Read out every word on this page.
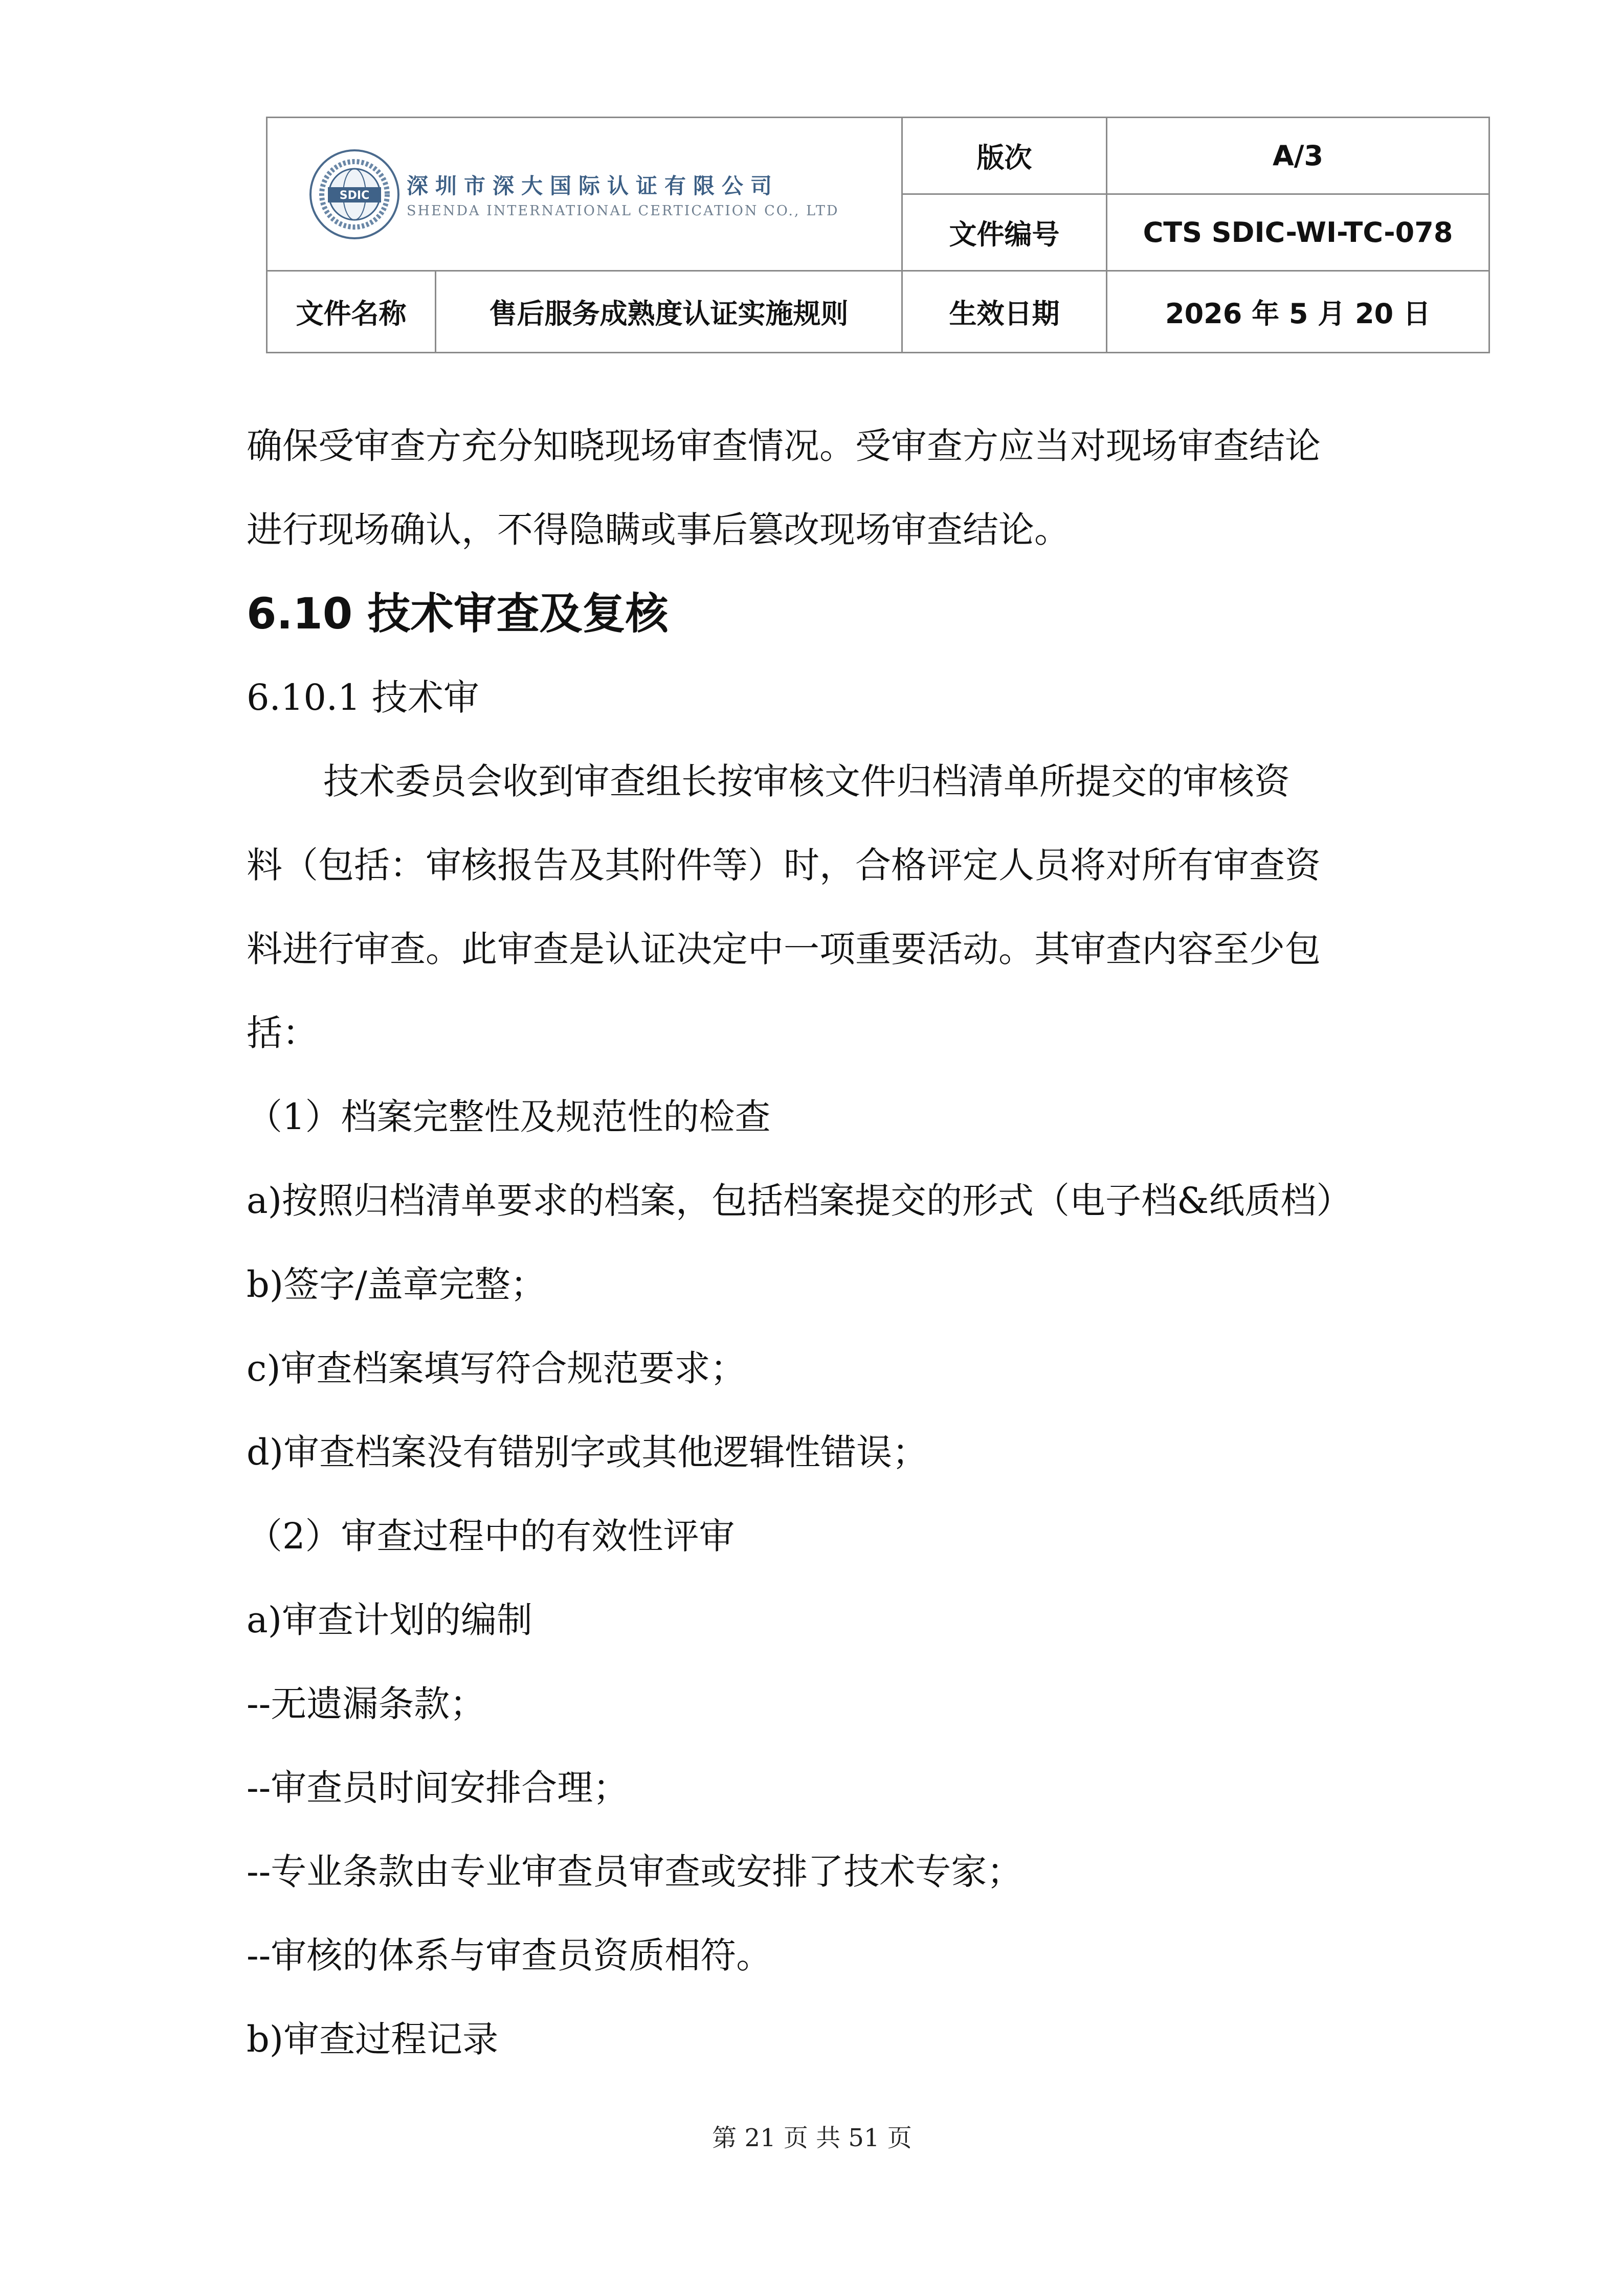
SDIC 深圳市深大国际认证有限公司
SHENDA INTERNATIONAL CERTICATION CO., LTD		版次	A/3
		文件编号	CTS SDIC-WI-TC-078
文件名称	售后服务成熟度认证实施规则	生效日期	2026 年 5 月 20 日

确保受审查方充分知晓现场审查情况。受审查方应当对现场审查结论

进行现场确认，不得隐瞒或事后篡改现场审查结论。

6.10 技术审查及复核

6.10.1 技术审

技术委员会收到审查组长按审核文件归档清单所提交的审核资

料（包括：审核报告及其附件等）时，合格评定人员将对所有审查资

料进行审查。此审查是认证决定中一项重要活动。其审查内容至少包

括：

（1）档案完整性及规范性的检查

a)按照归档清单要求的档案，包括档案提交的形式（电子档&纸质档）

b)签字/盖章完整；

c)审查档案填写符合规范要求；

d)审查档案没有错别字或其他逻辑性错误；

（2）审查过程中的有效性评审

a)审查计划的编制

--无遗漏条款；

--审查员时间安排合理；

--专业条款由专业审查员审查或安排了技术专家；

--审核的体系与审查员资质相符。

b)审查过程记录

第 21 页 共 51 页
